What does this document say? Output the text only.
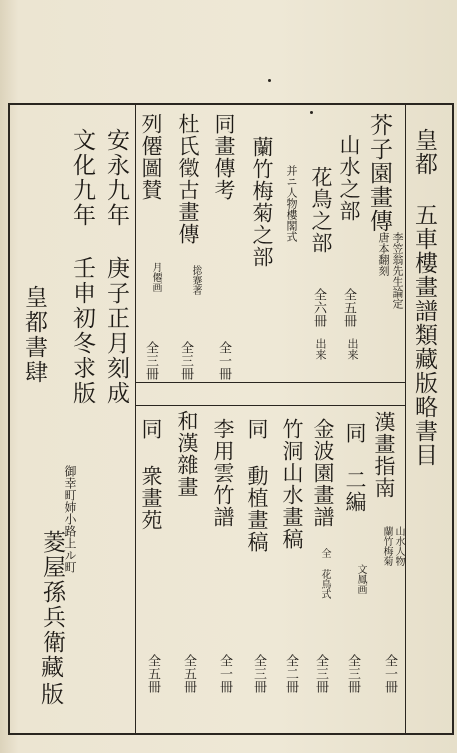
皇都 五車樓畫譜類藏版略書目
芥子園畫傳
李笠翁先生論定
唐本翻刻
山水之部
全五冊
出来
花鳥之部
并ニ人物樓閣式
全六冊
出来
蘭竹梅菊之部
同畫傳考
全一冊
杜氏徵古畫傳
捴蹇著
全三冊
列僊圖賛
月僊画
全三冊
漢畫指南
山水人物
蘭竹梅菊
全一冊
同 二編
文鳳画
全三冊
金波園畫譜
全 花鳥式
全三冊
竹洞山水畫稿
全二冊
同 動植畫稿
全三冊
李用雲竹譜
全一冊
和漢雜畫
全五冊
同 衆畫苑
全五冊
安永九年 庚子正月刻成
文化九年 壬申初冬求版
皇都書肆
御幸町姉小路上ル町
菱屋孫兵衛
藏版
